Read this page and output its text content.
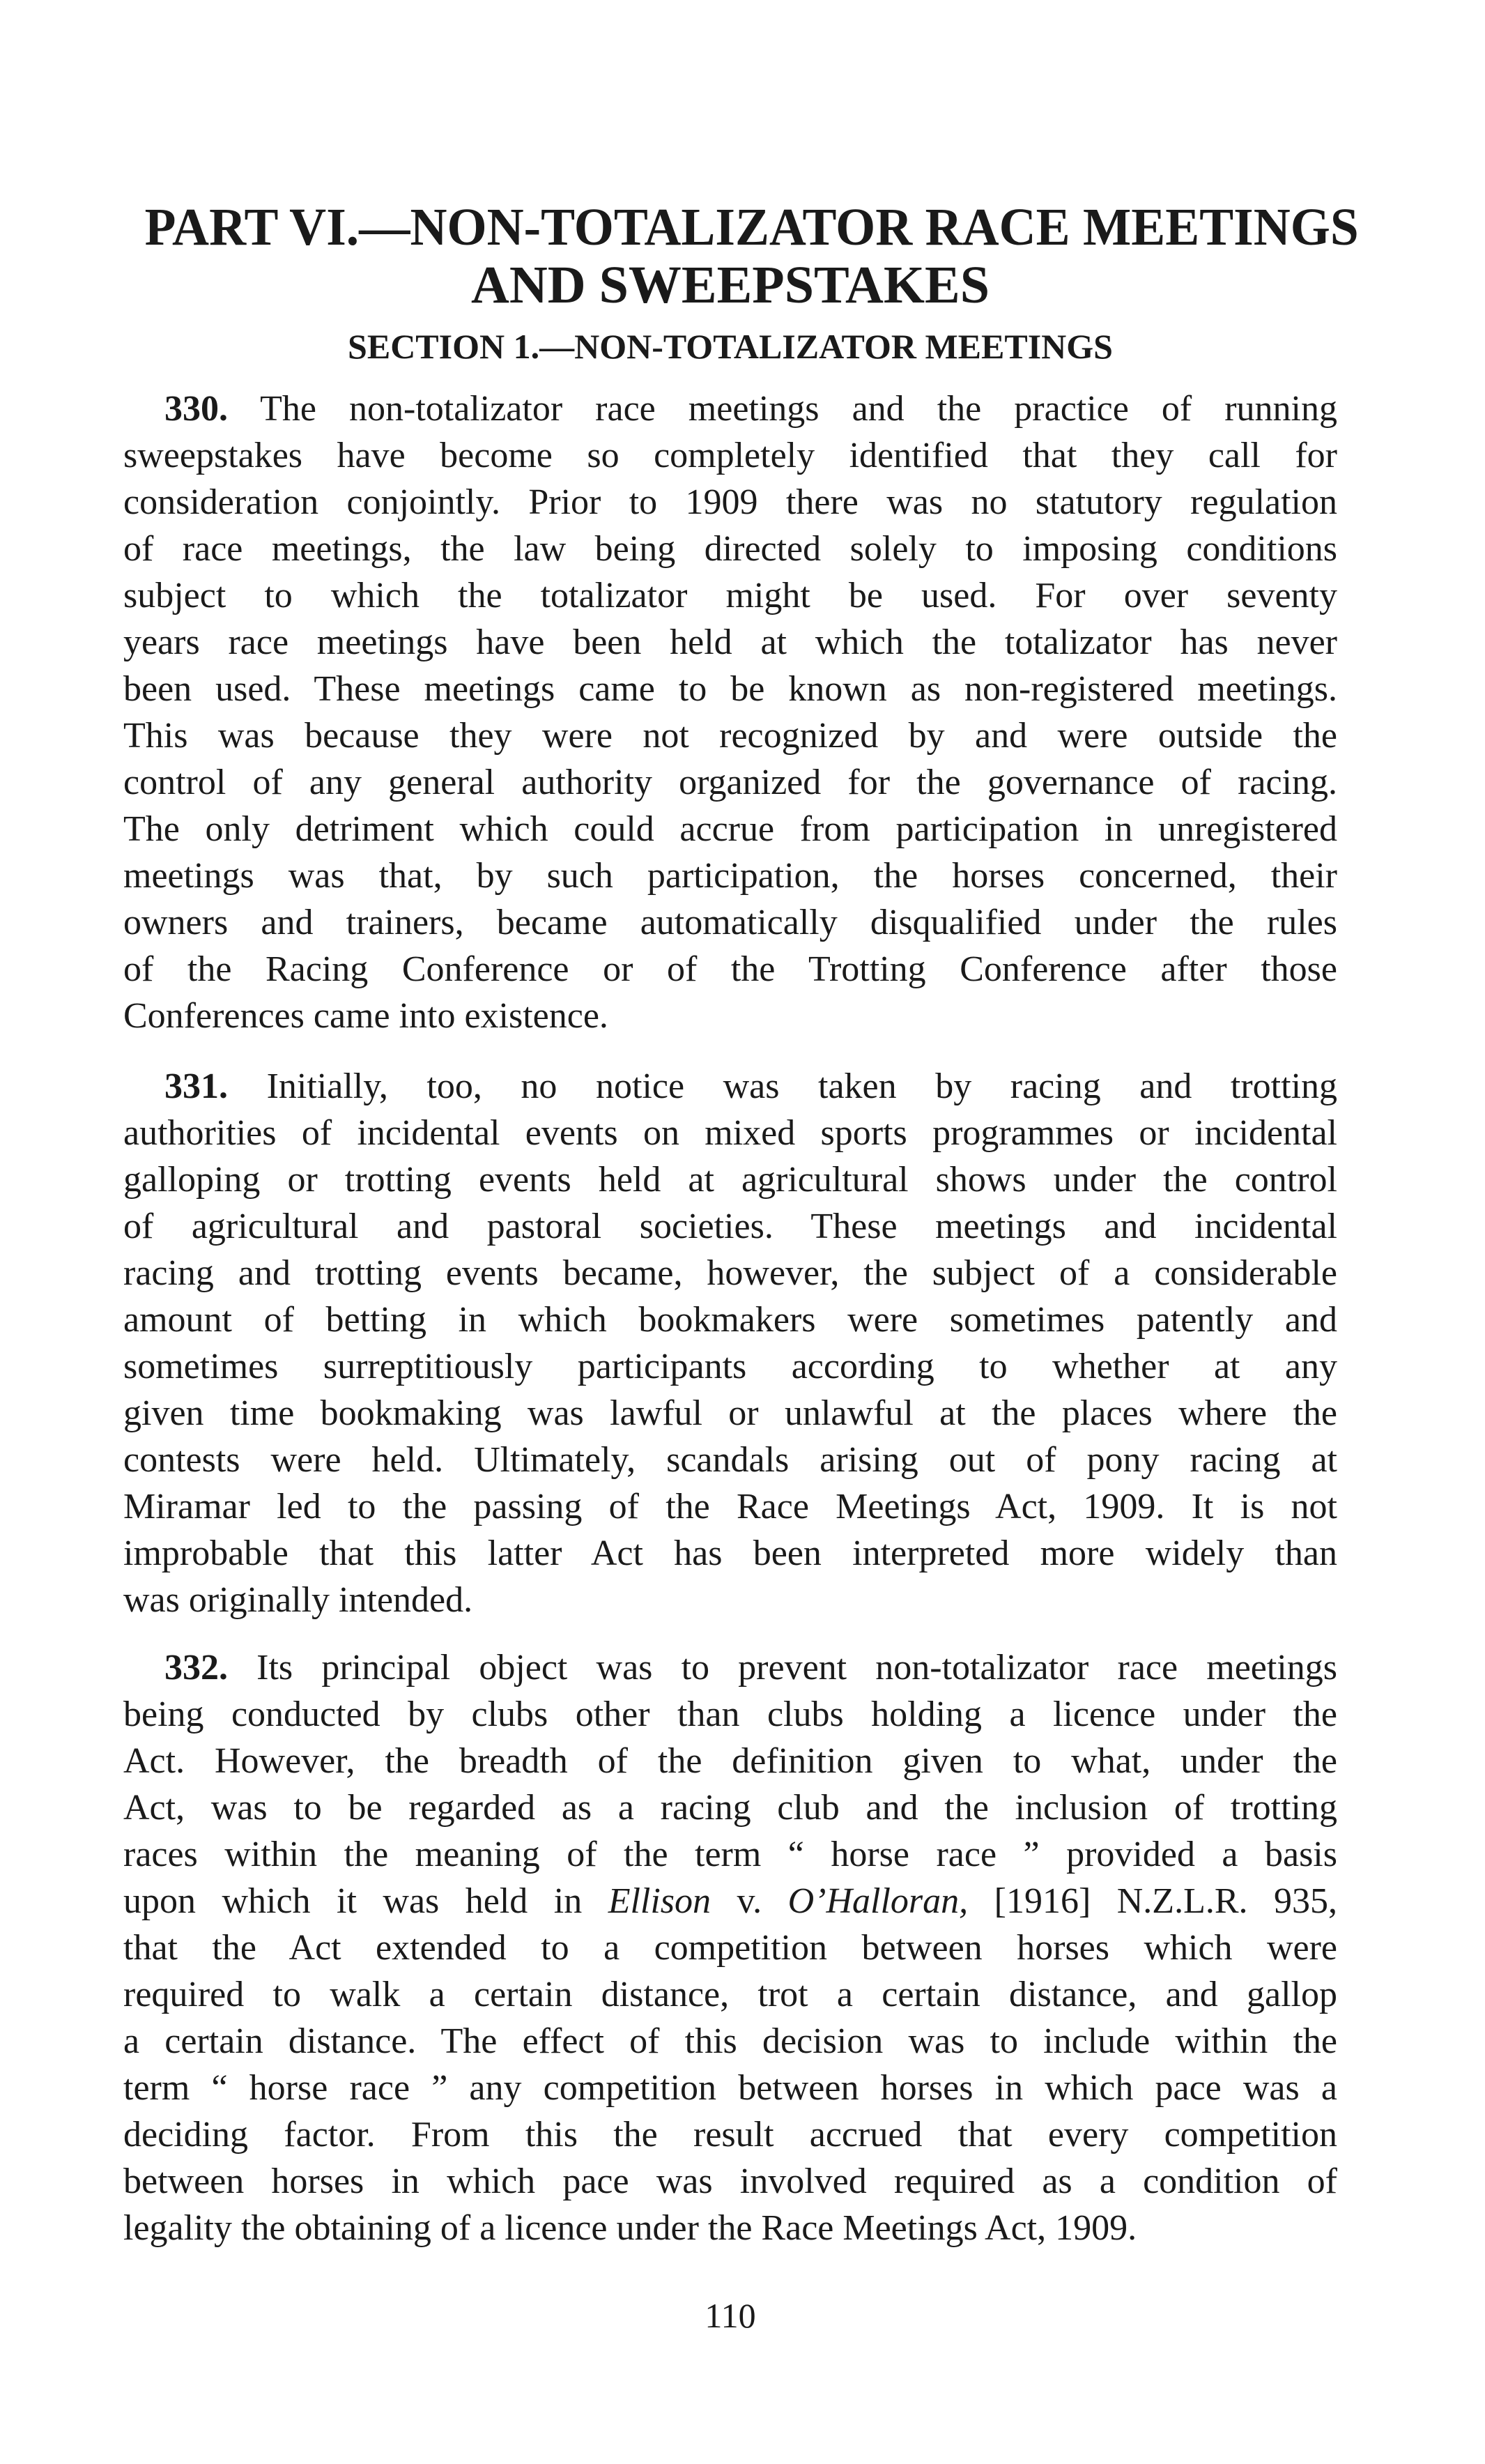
PART VI.—NON-TOTALIZATOR RACE MEETINGS
AND SWEEPSTAKES
SECTION 1.—NON-TOTALIZATOR MEETINGS
330. The non-totalizator race meetings and the practice of running
sweepstakes have become so completely identified that they call for
consideration conjointly. Prior to 1909 there was no statutory regulation
of race meetings, the law being directed solely to imposing conditions
subject to which the totalizator might be used. For over seventy
years race meetings have been held at which the totalizator has never
been used. These meetings came to be known as non-registered meetings.
This was because they were not recognized by and were outside the
control of any general authority organized for the governance of racing.
The only detriment which could accrue from participation in unregistered
meetings was that, by such participation, the horses concerned, their
owners and trainers, became automatically disqualified under the rules
of the Racing Conference or of the Trotting Conference after those
Conferences came into existence.
331. Initially, too, no notice was taken by racing and trotting
authorities of incidental events on mixed sports programmes or incidental
galloping or trotting events held at agricultural shows under the control
of agricultural and pastoral societies. These meetings and incidental
racing and trotting events became, however, the subject of a considerable
amount of betting in which bookmakers were sometimes patently and
sometimes surreptitiously participants according to whether at any
given time bookmaking was lawful or unlawful at the places where the
contests were held. Ultimately, scandals arising out of pony racing at
Miramar led to the passing of the Race Meetings Act, 1909. It is not
improbable that this latter Act has been interpreted more widely than
was originally intended.
332. Its principal object was to prevent non-totalizator race meetings
being conducted by clubs other than clubs holding a licence under the
Act. However, the breadth of the definition given to what, under the
Act, was to be regarded as a racing club and the inclusion of trotting
races within the meaning of the term “ horse race ” provided a basis
upon which it was held in Ellison v. O’Halloran, [1916] N.Z.L.R. 935,
that the Act extended to a competition between horses which were
required to walk a certain distance, trot a certain distance, and gallop
a certain distance. The effect of this decision was to include within the
term “ horse race ” any competition between horses in which pace was a
deciding factor. From this the result accrued that every competition
between horses in which pace was involved required as a condition of
legality the obtaining of a licence under the Race Meetings Act, 1909.
110
